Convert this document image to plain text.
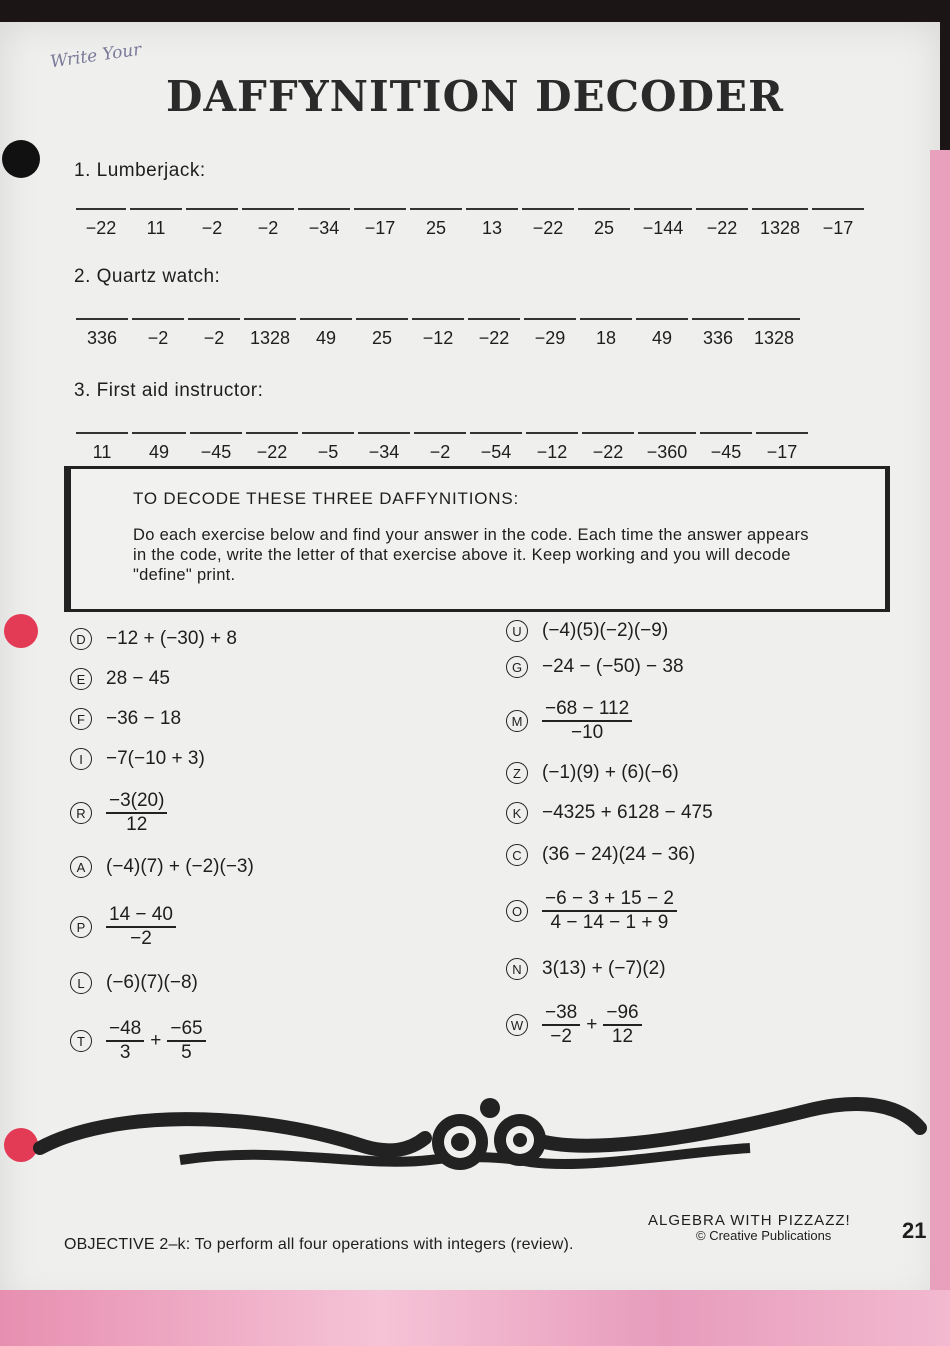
Write Your
DAFFYNITION DECODER
1. Lumberjack:
−22	11	−2	−2	−34	−17	25	13	−22	25	−144	−22	1328	−17
2. Quartz watch:
336	−2	−2	1328	49	25	−12	−22	−29	18	49	336	1328
3. First aid instructor:
11	49	−45	−22	−5	−34	−2	−54	−12	−22	−360	−45	−17
TO DECODE THESE THREE DAFFYNITIONS:
Do each exercise below and find your answer in the code. Each time the answer appears in the code, write the letter of that exercise above it. Keep working and you will decode "define" print.
D	−12 + (−30) + 8
E	28 − 45
F	−36 − 18
I	−7(−10 + 3)
R	$\frac{-3(20)}{12}$
A	(−4)(7) + (−2)(−3)
P	$\frac{14 - 40}{-2}$
L	(−6)(7)(−8)
T	$\frac{-48}{3} + \frac{-65}{5}$
U	(−4)(5)(−2)(−9)
G	−24 − (−50) − 38
M $\frac{-68 - 112}{-10}$
Z	(−1)(9) + (6)(−6)
K	−4325 + 6128 − 475
C	(36 − 24)(24 − 36)
O	$\frac{-6 - 3 + 15 - 2}{4 - 14 - 1 + 9}$
N	3(13) + (−7)(2)
W $\frac{-38}{-2} + \frac{-96}{12}$
OBJECTIVE 2–k: To perform all four operations with integers (review).
ALGEBRA WITH PIZZAZZ!
© Creative Publications	21
